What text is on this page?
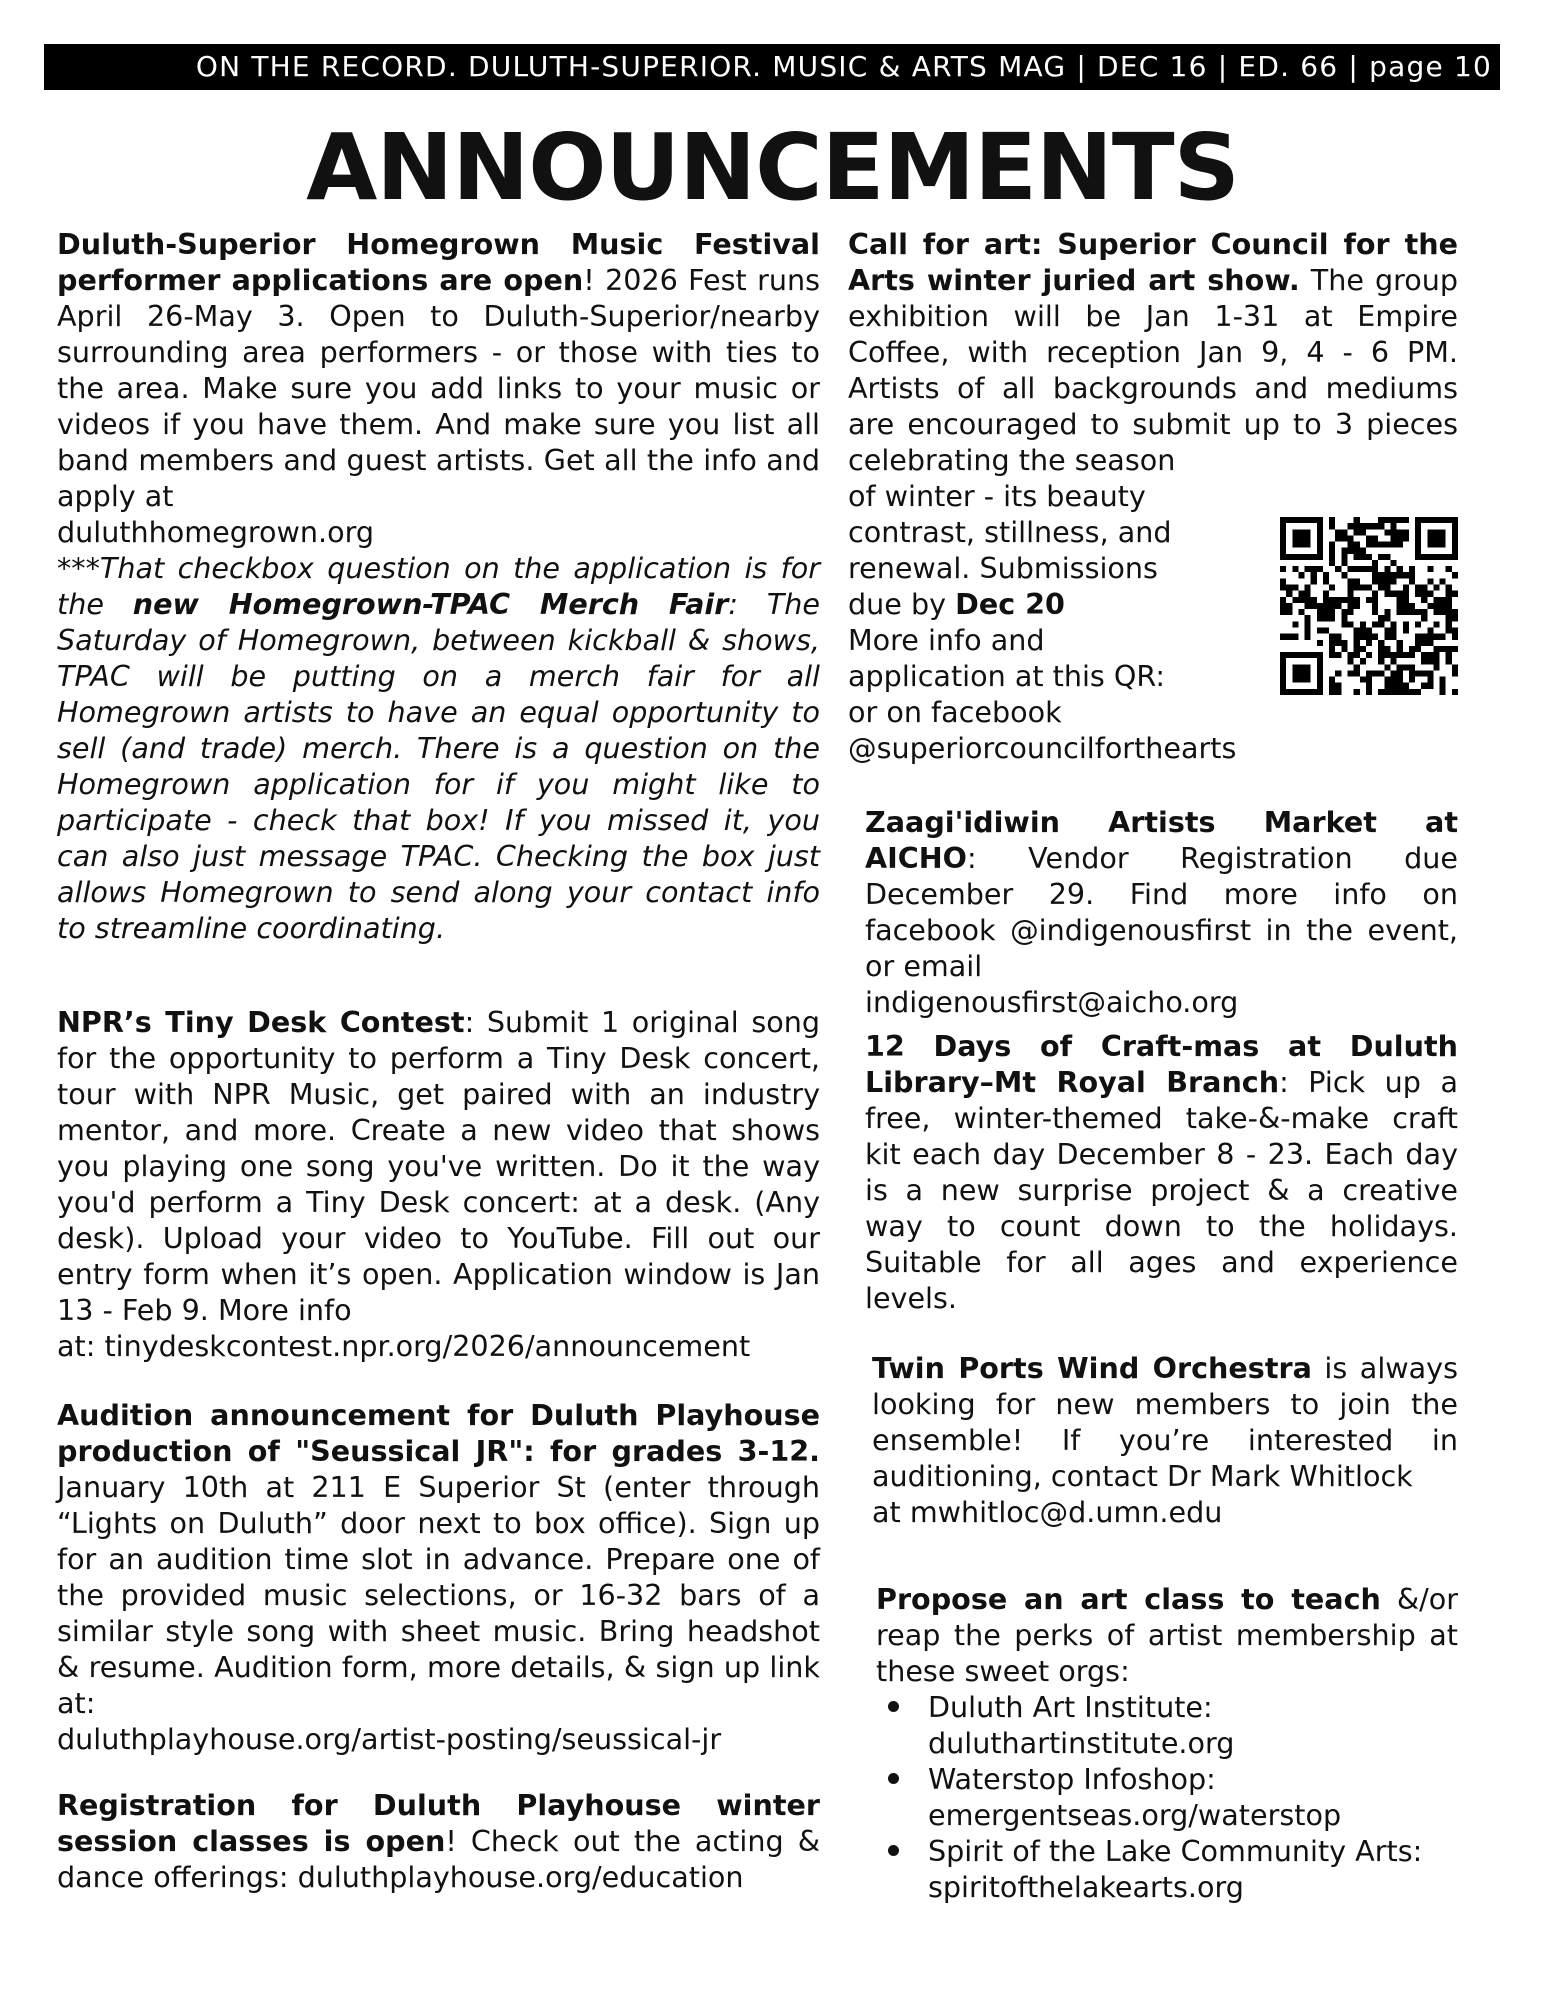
ON THE RECORD. DULUTH-SUPERIOR. MUSIC & ARTS MAG | DEC 16 | ED. 66 | page 10
ANNOUNCEMENTS

Duluth-Superior Homegrown Music Festival performer applications are open! 2026 Fest runs April 26-May 3. Open to Duluth-Superior/nearby surrounding area performers - or those with ties to the area. Make sure you add links to your music or videos if you have them. And make sure you list all band members and guest artists. Get all the info and apply at
duluthhomegrown.org
***That checkbox question on the application is for the new Homegrown-TPAC Merch Fair: The Saturday of Homegrown, between kickball & shows, TPAC will be putting on a merch fair for all Homegrown artists to have an equal opportunity to sell (and trade) merch. There is a question on the Homegrown application for if you might like to participate - check that box! If you missed it, you can also just message TPAC. Checking the box just allows Homegrown to send along your contact info to streamline coordinating.

NPR’s Tiny Desk Contest: Submit 1 original song for the opportunity to perform a Tiny Desk concert, tour with NPR Music, get paired with an industry mentor, and more. Create a new video that shows you playing one song you've written. Do it the way you'd perform a Tiny Desk concert: at a desk. (Any desk). Upload your video to YouTube. Fill out our entry form when it’s open. Application window is Jan 13 - Feb 9. More info
at: tinydeskcontest.npr.org/2026/announcement

Audition announcement for Duluth Playhouse production of "Seussical JR": for grades 3-12. January 10th at 211 E Superior St (enter through “Lights on Duluth” door next to box office). Sign up for an audition time slot in advance. Prepare one of the provided music selections, or 16-32 bars of a similar style song with sheet music. Bring headshot & resume. Audition form, more details, & sign up link at:
duluthplayhouse.org/artist-posting/seussical-jr

Registration for Duluth Playhouse winter session classes is open! Check out the acting & dance offerings: duluthplayhouse.org/education

Call for art: Superior Council for the Arts winter juried art show. The group exhibition will be Jan 1-31 at Empire Coffee, with reception Jan 9, 4 - 6 PM. Artists of all backgrounds and mediums are encouraged to submit up to 3 pieces celebrating the season
of winter - its beauty
contrast, stillness, and
renewal. Submissions
due by Dec 20
More info and
application at this QR:
or on facebook
@superiorcouncilforthearts

Zaagi'idiwin Artists Market at AICHO: Vendor Registration due December 29. Find more info on facebook @indigenousfirst in the event, or email
indigenousfirst@aicho.org

12 Days of Craft-mas at Duluth Library–Mt Royal Branch: Pick up a free, winter-themed take-&-make craft kit each day December 8 - 23. Each day is a new surprise project & a creative way to count down to the holidays. Suitable for all ages and experience levels.

Twin Ports Wind Orchestra is always looking for new members to join the ensemble! If you’re interested in auditioning, contact Dr Mark Whitlock
at mwhitloc@d.umn.edu

Propose an art class to teach &/or reap the perks of artist membership at these sweet orgs:
Duluth Art Institute:
duluthartinstitute.org
Waterstop Infoshop:
emergentseas.org/waterstop
Spirit of the Lake Community Arts:
spiritofthelakearts.org
